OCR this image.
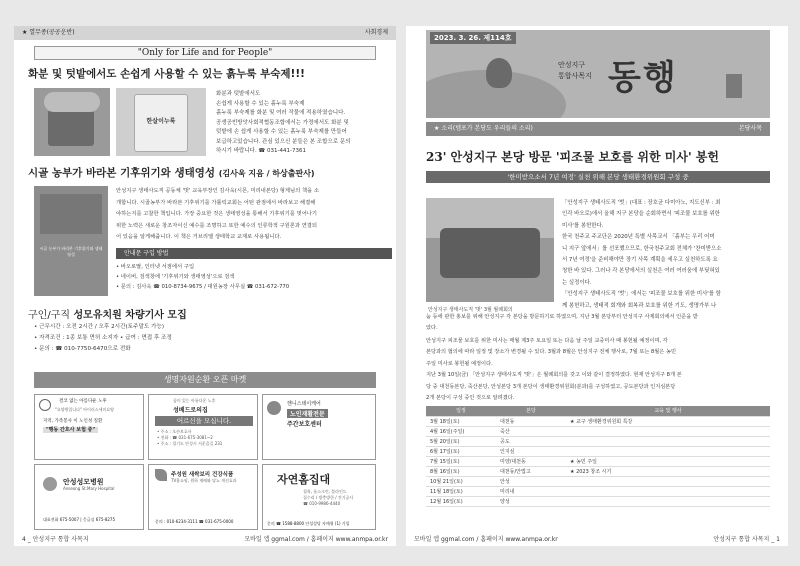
★ 열무종(공공운반)	사회경제
"Only for Life and for People"
화분 및 텃밭에서도 손쉽게 사용할 수 있는 흙누룩 부숙제!!!
한살이누룩
화분과 텃밭에서도
손쉽게 사용할 수 있는 흙누룩 부숙제
흙누룩 부숙제를 화분 및 여러 작물에 적용하였습니다.
공생공빈방앗사회적협동조합에서는 가정에서도 화분 및
텃밭에 손 쉽게 사용할 수 있는 흙누룩 부숙제를 만들어
보급하고있습니다. 관심 있으신 분들은 본 조합으로 문의
하시기 바랍니다. ☎ 031-441-7361
시골 농부가 바라본 기후위기와 생태영성 (김사욱 지음 / 하상출판사)
시골 농부가 바라본 기후위기와 생태영성
안성지구 생태사도직 공동체 '벗' 교육부장인 김사욱(시몬, 미리내본당) 형제님의 책을 소
개합니다. 시골농부가 바라본 기후위기를 가톨릭교회는 어떤 관점에서 바라보고 해결해
야하는지를 고찰한 책입니다. 가장 중요한 것은 생태영성을 통해서 기후위기를 벗어나기
위한 노력은 새로운 창조자이신 예수를 조명하고 또한 예수의 인류학적 구원론과 연결되
어 있음을 알게해줍니다. 이 책은 거브리엘 생태학교 교재로 사용됩니다.
안내문 구입 방법
• 바오로딸, 인터넷 서점에서 구입
• 네이버, 검색창에 '기후위기와 생태영성'으로 검색
• 문의 : 김사욱 ☎ 010-8734-9675 / 대원농장 사무실 ☎ 031-672-770
구인/구직 성모유치원 차량기사 모집
• 근무시간 : 오전 2시간 / 오후 2시간(토주말도 가능)
• 자격조건 : 1종 보통 면허 소지자 • 급여 : 면접 후 조정
• 문의 : ☎ 010-7750-6470으로 전화
생명자원순환 오픈 마켓
결코 없는 아름다운 노후
"요양원입니다" 아이러스세미요양
지역, 가족봉사 이 노인성 질환
"행동 간호사 보험 중"
꿈이 있는 아름다운 노후
성베드로의집
어르신을 모십니다.
• 주소 : 오산보호사
• 전화 : ☎ 031-675-3081~2
• 주소 : 경기도 안성시 서운읍길 231
헨니스데이케어
노인재활전문
주간보호센터
안성성모병원
Anseong St.Mary Hospital
대표전화 675-5007 | 응급실 675-8275
주성원 새싹보리 건강식품
TV홈쇼핑, 원하 재배와 당뇨 개선효과
문의 : 010-6234-3111 ☎ 031-675-0000
자연홈집대
철학, 롤스크린, 블라인드
집수리 / 방충방한 / 전기공사
☎ 010-9986-4440
문의 ☎ 1588-8800 안성성당 자매형 (1) 가입
4 _ 안성지구 통합 사목지	모바일 앱 ggmal.com / 홈페이지 www.anmpa.or.kr
2023. 3. 26. 제114호
안성지구
통합사목지 동행
★ 소리(템포가 본당도 우리들의 소리)	본당사목
23' 안성지구 본당 방문 '피조물 보호를 위한 미사' 봉헌
'한미받으소서 7년 여정' 실천 위해 본당 생태환경위원회 구성 중
안성지구 생태사도직 '벗' 3월 월례회의
「안성지구 생태사도직 '벗」(대표 : 장호균 다미아노, 지도신부 : 최
인각 바오로)에서 올해 지구 본당을 순회하면서 '피조물 보호를 위한
미사'를 봉헌한다.
한국 천주교 주교단은 2020년 특별 사목교서 「흙부는 우리 어머
니 지구 앞에서」를 선포했으므로, 한국천주교회 전체가 '찬미받으소
서 7년 여정'을 준비해야만 장기 사목 계획을 세우고 실천하도록 요
청한 바 있다. 그러나 각 본당에서의 실천은 여러 여러움에 부딪혀있
는 실정이다.
「안성지구 생태사도직 '벗'」에서는 '피조물 보호를 위한 미사'를 함
께 봉헌하고, 생태적 회개와 회복과 보호를 위한 기도, 생명가부 나
눔 등에 관한 홍보를 위해 안성지구 각 본당을 방문하기로 하였으며, 지난 3월 본당부터 안성지구 사제회의에서 인준을 받
았다.
안성지구 피조물 보호를 위한 미사는 매월 제3주 토요일 또는 다음 날 주일 교중미사 때 봉헌될 예정이며, 각
본당과의 협의에 따라 일정 및 장소가 변경될 수 있다. 3월과 8월은 안성지구 전체 행사로, 7월 또는 8월은 농민
주일 미사로 봉헌될 예정이다.
지난 3월 10일(금) 「안성지구 생태사도직 '벗'」은 월례회의를 갖고 이와 같이 결정하였다. 현재 안성지구 8개 본
당 중 대천동본당, 죽산본당, 안성본당 3개 본당이 생태환경위원회(분과)를 구성하였고, 공도본당과 인지심본당
2개 본당이 구성 중인 것으로 알려졌다.
일정	본당	교육 및 행사
3월 18일(토)	대천동	★ 교구 생태환경위원회 특강
4월 16일(주일)	죽산	
5월 20일(토)	공도	
6월 17일(토)	인지심	
7월 15일(토)	미양/대천동	★ 농민 주일
8월 16일(토)	대천동/안법고	★ 2023 창조 시기
10월 21일(토)	안성	
11월 18일(토)	미리내	
12월 16일(토)	양성	
모바일 앱 ggmal.com / 홈페이지 www.anmpa.or.kr	안성지구 통합 사목지 _ 1
